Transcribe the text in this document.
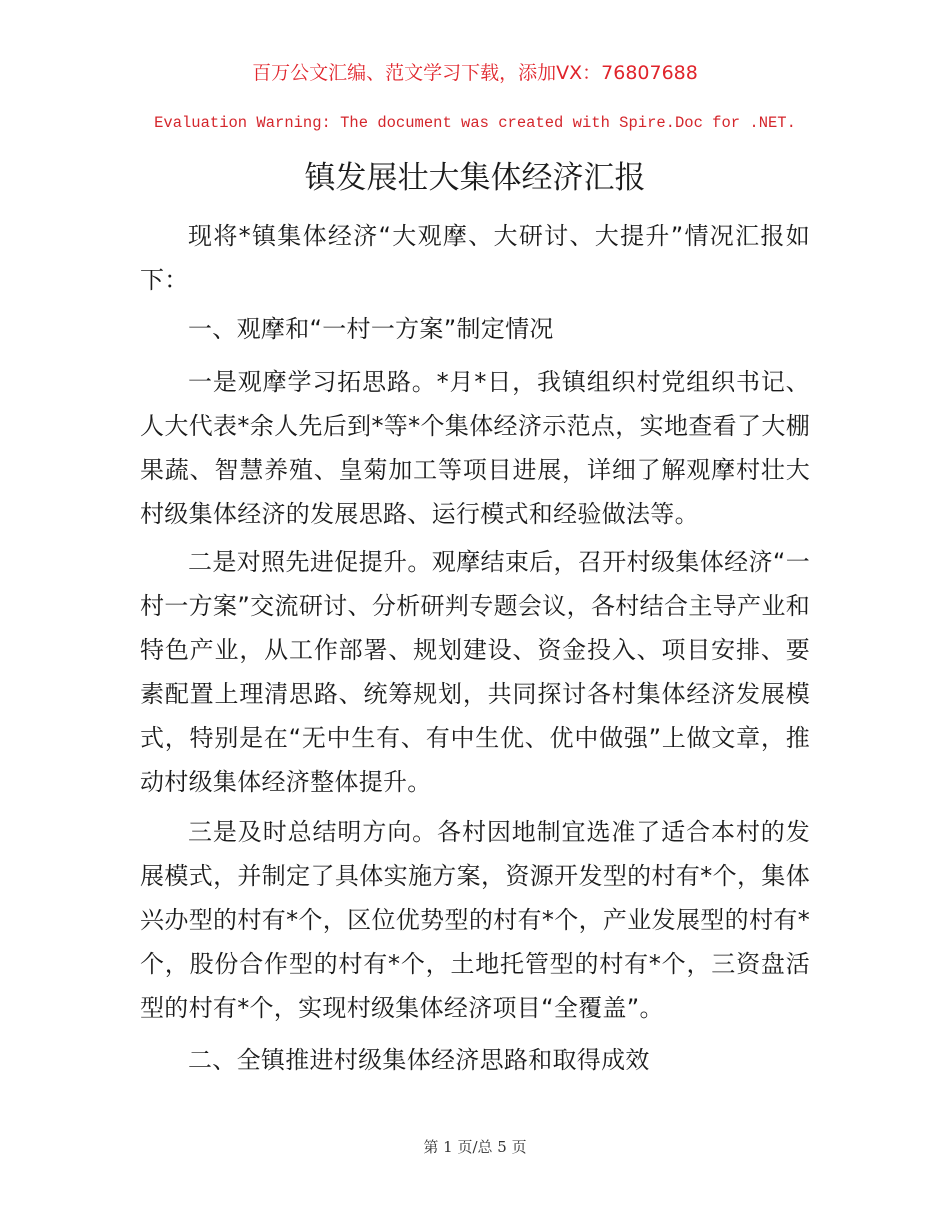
百万公文汇编、范文学习下载，添加VX：76807688
Evaluation Warning: The document was created with Spire.Doc for .NET.
镇发展壮大集体经济汇报

现将*镇集体经济“大观摩、大研讨、大提升”情况汇报如下：

一、观摩和“一村一方案”制定情况

一是观摩学习拓思路。*月*日，我镇组织村党组织书记、人大代表*余人先后到*等*个集体经济示范点，实地查看了大棚果蔬、智慧养殖、皇菊加工等项目进展，详细了解观摩村壮大村级集体经济的发展思路、运行模式和经验做法等。

二是对照先进促提升。观摩结束后，召开村级集体经济“一村一方案”交流研讨、分析研判专题会议，各村结合主导产业和特色产业，从工作部署、规划建设、资金投入、项目安排、要素配置上理清思路、统筹规划，共同探讨各村集体经济发展模式，特别是在“无中生有、有中生优、优中做强”上做文章，推动村级集体经济整体提升。

三是及时总结明方向。各村因地制宜选准了适合本村的发展模式，并制定了具体实施方案，资源开发型的村有*个，集体兴办型的村有*个，区位优势型的村有*个，产业发展型的村有*个，股份合作型的村有*个，土地托管型的村有*个，三资盘活型的村有*个，实现村级集体经济项目“全覆盖”。

二、全镇推进村级集体经济思路和取得成效

第 1 页/总 5 页
